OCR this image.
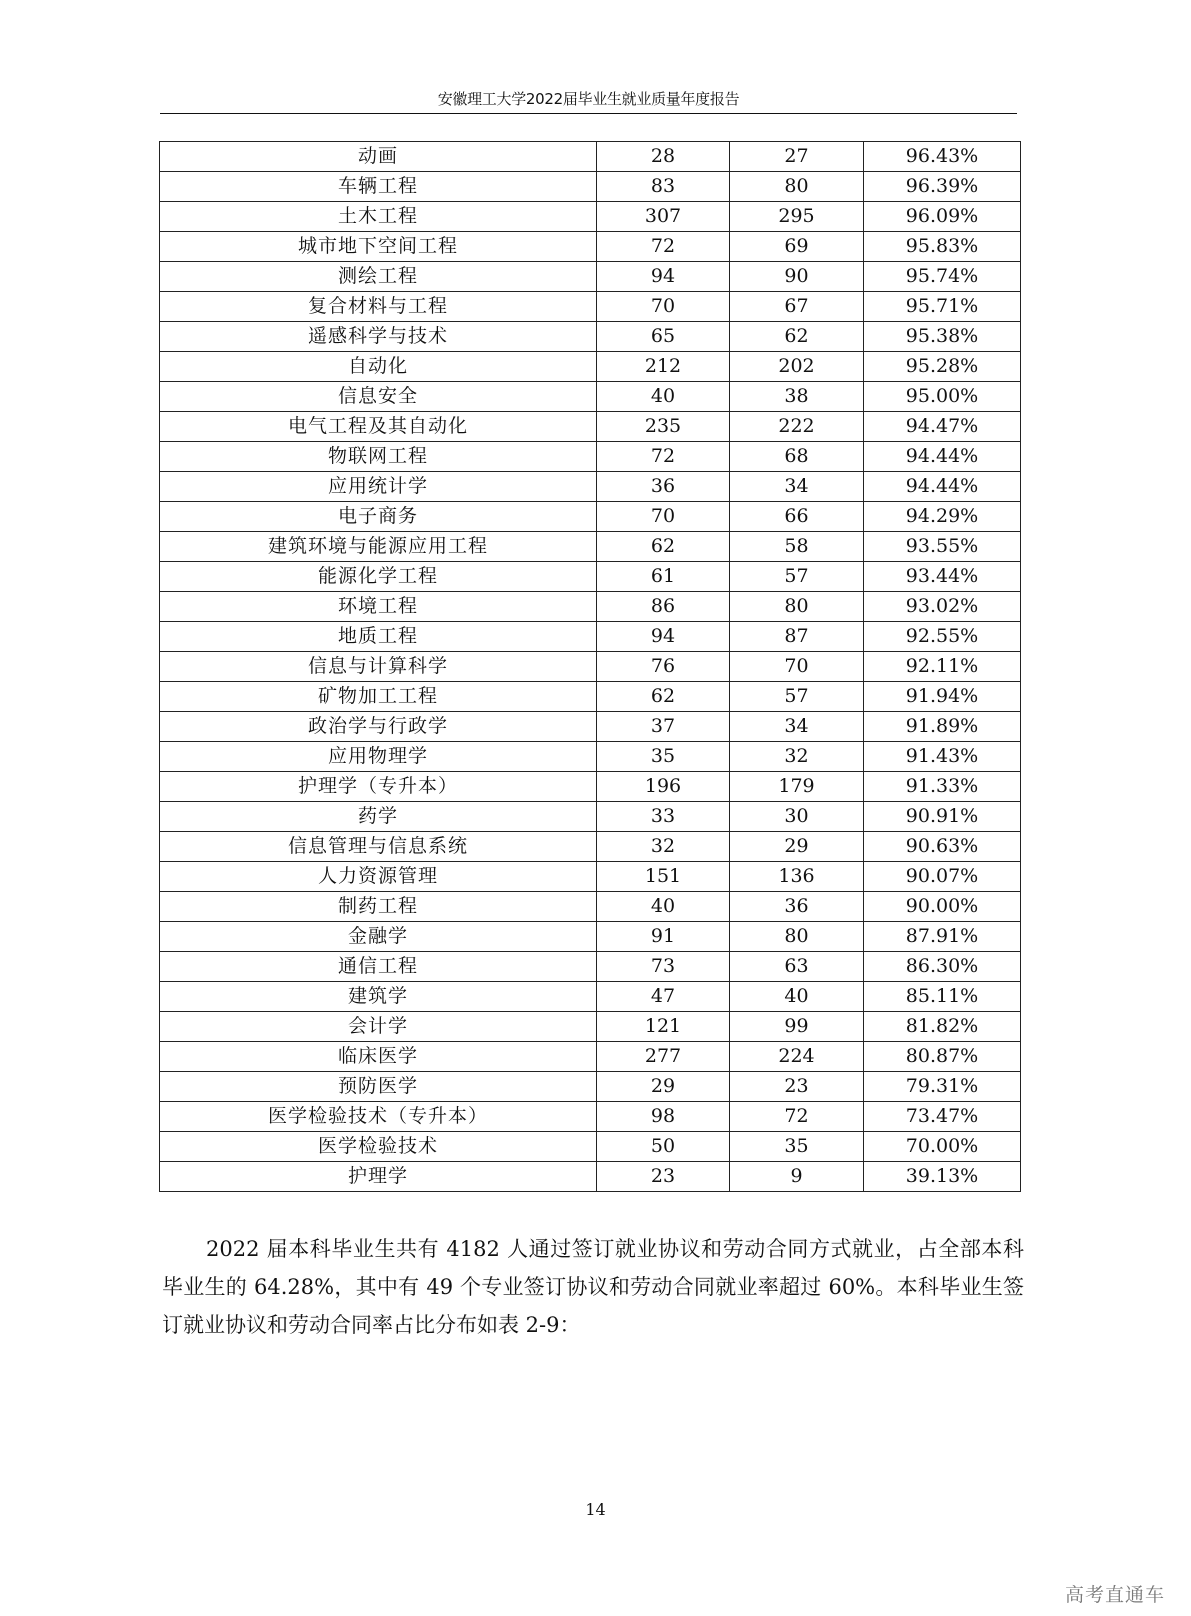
安徽理工大学2022届毕业生就业质量年度报告
动画	28	27	96.43%
车辆工程	83	80	96.39%
土木工程	307	295	96.09%
城市地下空间工程	72	69	95.83%
测绘工程	94	90	95.74%
复合材料与工程	70	67	95.71%
遥感科学与技术	65	62	95.38%
自动化	212	202	95.28%
信息安全	40	38	95.00%
电气工程及其自动化	235	222	94.47%
物联网工程	72	68	94.44%
应用统计学	36	34	94.44%
电子商务	70	66	94.29%
建筑环境与能源应用工程	62	58	93.55%
能源化学工程	61	57	93.44%
环境工程	86	80	93.02%
地质工程	94	87	92.55%
信息与计算科学	76	70	92.11%
矿物加工工程	62	57	91.94%
政治学与行政学	37	34	91.89%
应用物理学	35	32	91.43%
护理学（专升本）	196	179	91.33%
药学	33	30	90.91%
信息管理与信息系统	32	29	90.63%
人力资源管理	151	136	90.07%
制药工程	40	36	90.00%
金融学	91	80	87.91%
通信工程	73	63	86.30%
建筑学	47	40	85.11%
会计学	121	99	81.82%
临床医学	277	224	80.87%
预防医学	29	23	79.31%
医学检验技术（专升本）	98	72	73.47%
医学检验技术	50	35	70.00%
护理学	23	9	39.13%
2022 届本科毕业生共有 4182 人通过签订就业协议和劳动合同方式就业，占全部本科毕业生的 64.28%，其中有 49 个专业签订协议和劳动合同就业率超过 60%。本科毕业生签订就业协议和劳动合同率占比分布如表 2-9：
14
高考直通车
